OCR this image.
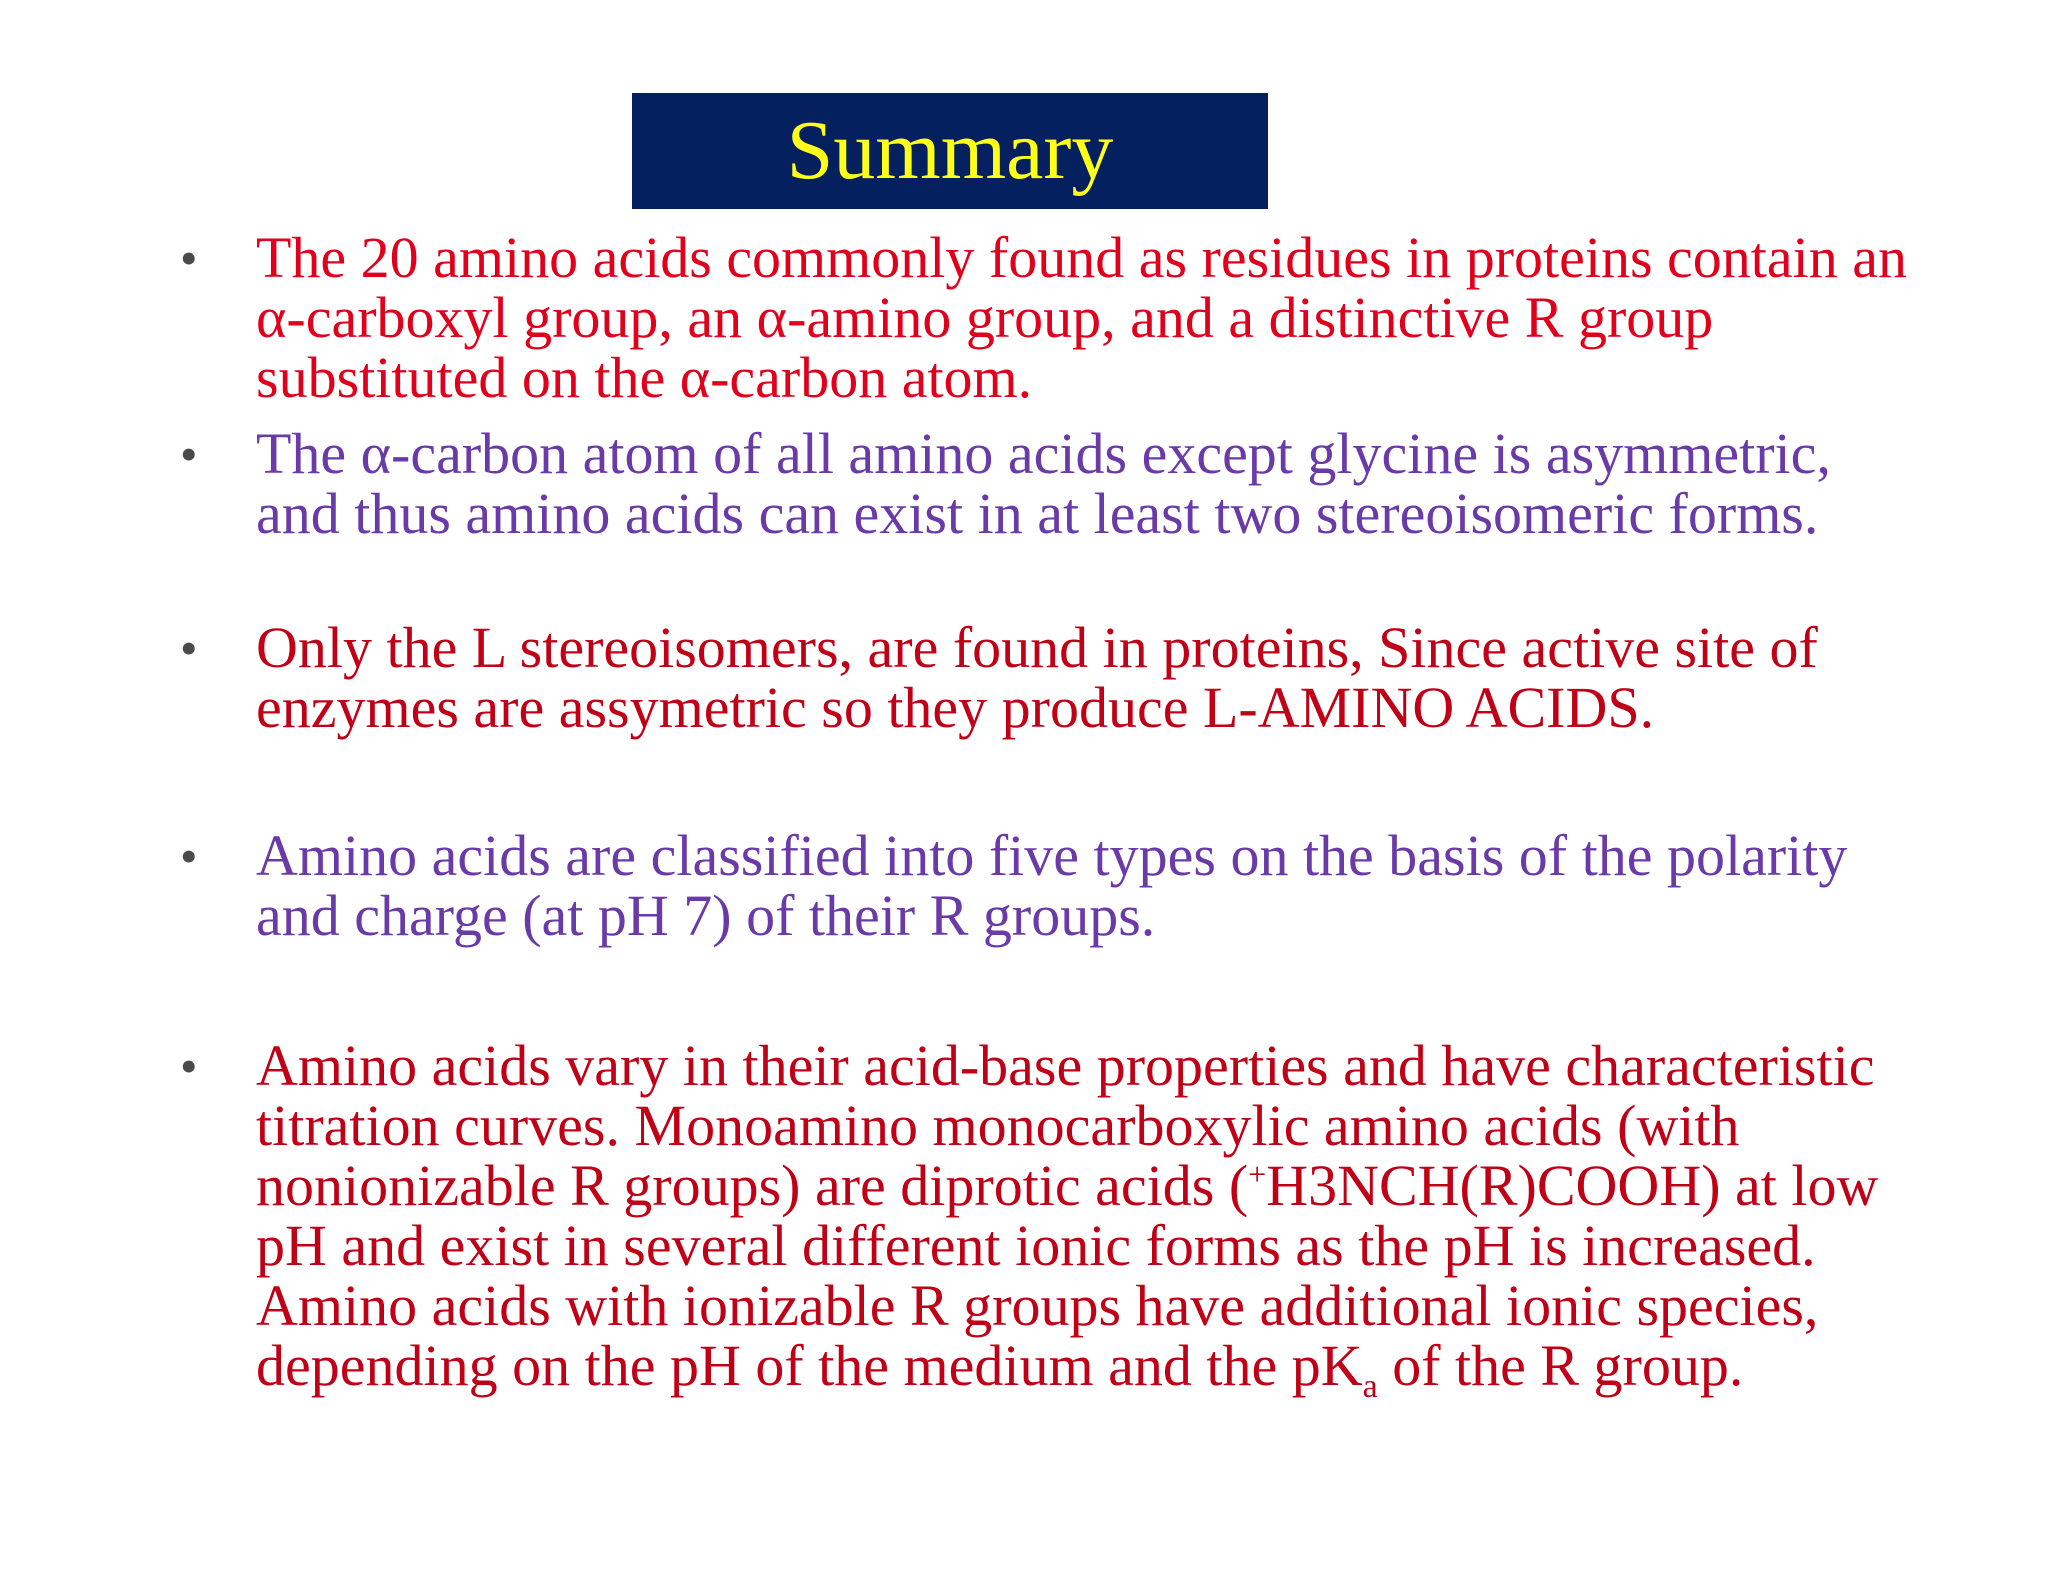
Summary
•	The 20 amino acids commonly found as residues in proteins contain an α-carboxyl group, an α-amino group, and a distinctive R group substituted on the α-carbon atom.
•	The α-carbon atom of all amino acids except glycine is asymmetric, and thus amino acids can exist in at least two stereoisomeric forms.
•	Only the L stereoisomers, are found in proteins, Since active site of enzymes are assymetric so they produce L-AMINO ACIDS.
•	Amino acids are classified into five types on the basis of the polarity and charge (at pH 7) of their R groups.
•	Amino acids vary in their acid-base properties and have characteristic titration curves. Monoamino monocarboxylic amino acids (with nonionizable R groups) are diprotic acids (+H3NCH(R)COOH) at low pH and exist in several different ionic forms as the pH is increased. Amino acids with ionizable R groups have additional ionic species, depending on the pH of the medium and the $pK_a$ of the R group.
